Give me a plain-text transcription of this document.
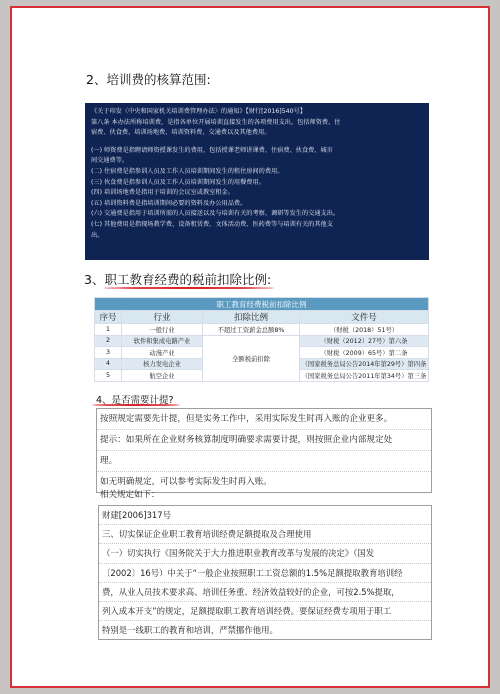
2、培训费的核算范围:
《关于印发〈中央和国家机关培训费管理办法〉的通知》【财行[2016]540号】
第八条 本办法所称培训费，是指各单位开展培训直接发生的各项费用支出，包括师资费、住
宿费、伙食费、培训场地费、培训资料费、交通费以及其他费用。
(一) 师资费是指聘请师资授课发生的费用，包括授课老师讲课费、住宿费、伙食费、城市
间交通费等。
(二) 住宿费是指参训人员及工作人员培训期间发生的租住房间的费用。
(三) 伙食费是指参训人员及工作人员培训期间发生的用餐费用。
(四) 培训场地费是指用于培训的会议室或教室租金。
(五) 培训资料费是指培训期间必要的资料及办公用品费。
(六) 交通费是指用于培训所需的人员接送以及与培训有关的考察、调研等发生的交通支出。
(七) 其他费用是指现场教学费、设备租赁费、文体活动费、医药费等与培训有关的其他支
出。
3、职工教育经费的税前扣除比例:
职工教育经费税前扣除比例			
序号	行业	扣除比例	文件号
1	一般行业	不超过工资薪金总额8%	（财税（2018）51号）
2	软件和集成电路产业	全额税前扣除	（财税（2012）27号）第六条
3	动漫产业		（财税（2009）65号）第二条
4	核力发电企业		（国家税务总局公告2014年第29号）第四条
5	航空企业		（国家税务总局公告2011年第34号）第三条
4、是否需要计提?
按照规定需要先计提，但是实务工作中，采用实际发生时再入账的企业更多。
提示：如果所在企业财务核算制度明确要求需要计提，则按照企业内部规定处
理。
如无明确规定，可以参考实际发生时再入账。
相关规定如下：
财建[2006]317号
三、切实保证企业职工教育培训经费足额提取及合理使用
（一）切实执行《国务院关于大力推进职业教育改革与发展的决定》（国发
〔2002〕16号）中关于“一般企业按照职工工资总额的1.5%足额提取教育培训经
费，从业人员技术要求高、培训任务重、经济效益较好的企业，可按2.5%提取，
列入成本开支”的规定，足额提取职工教育培训经费。要保证经费专项用于职工
特别是一线职工的教育和培训，严禁挪作他用。
